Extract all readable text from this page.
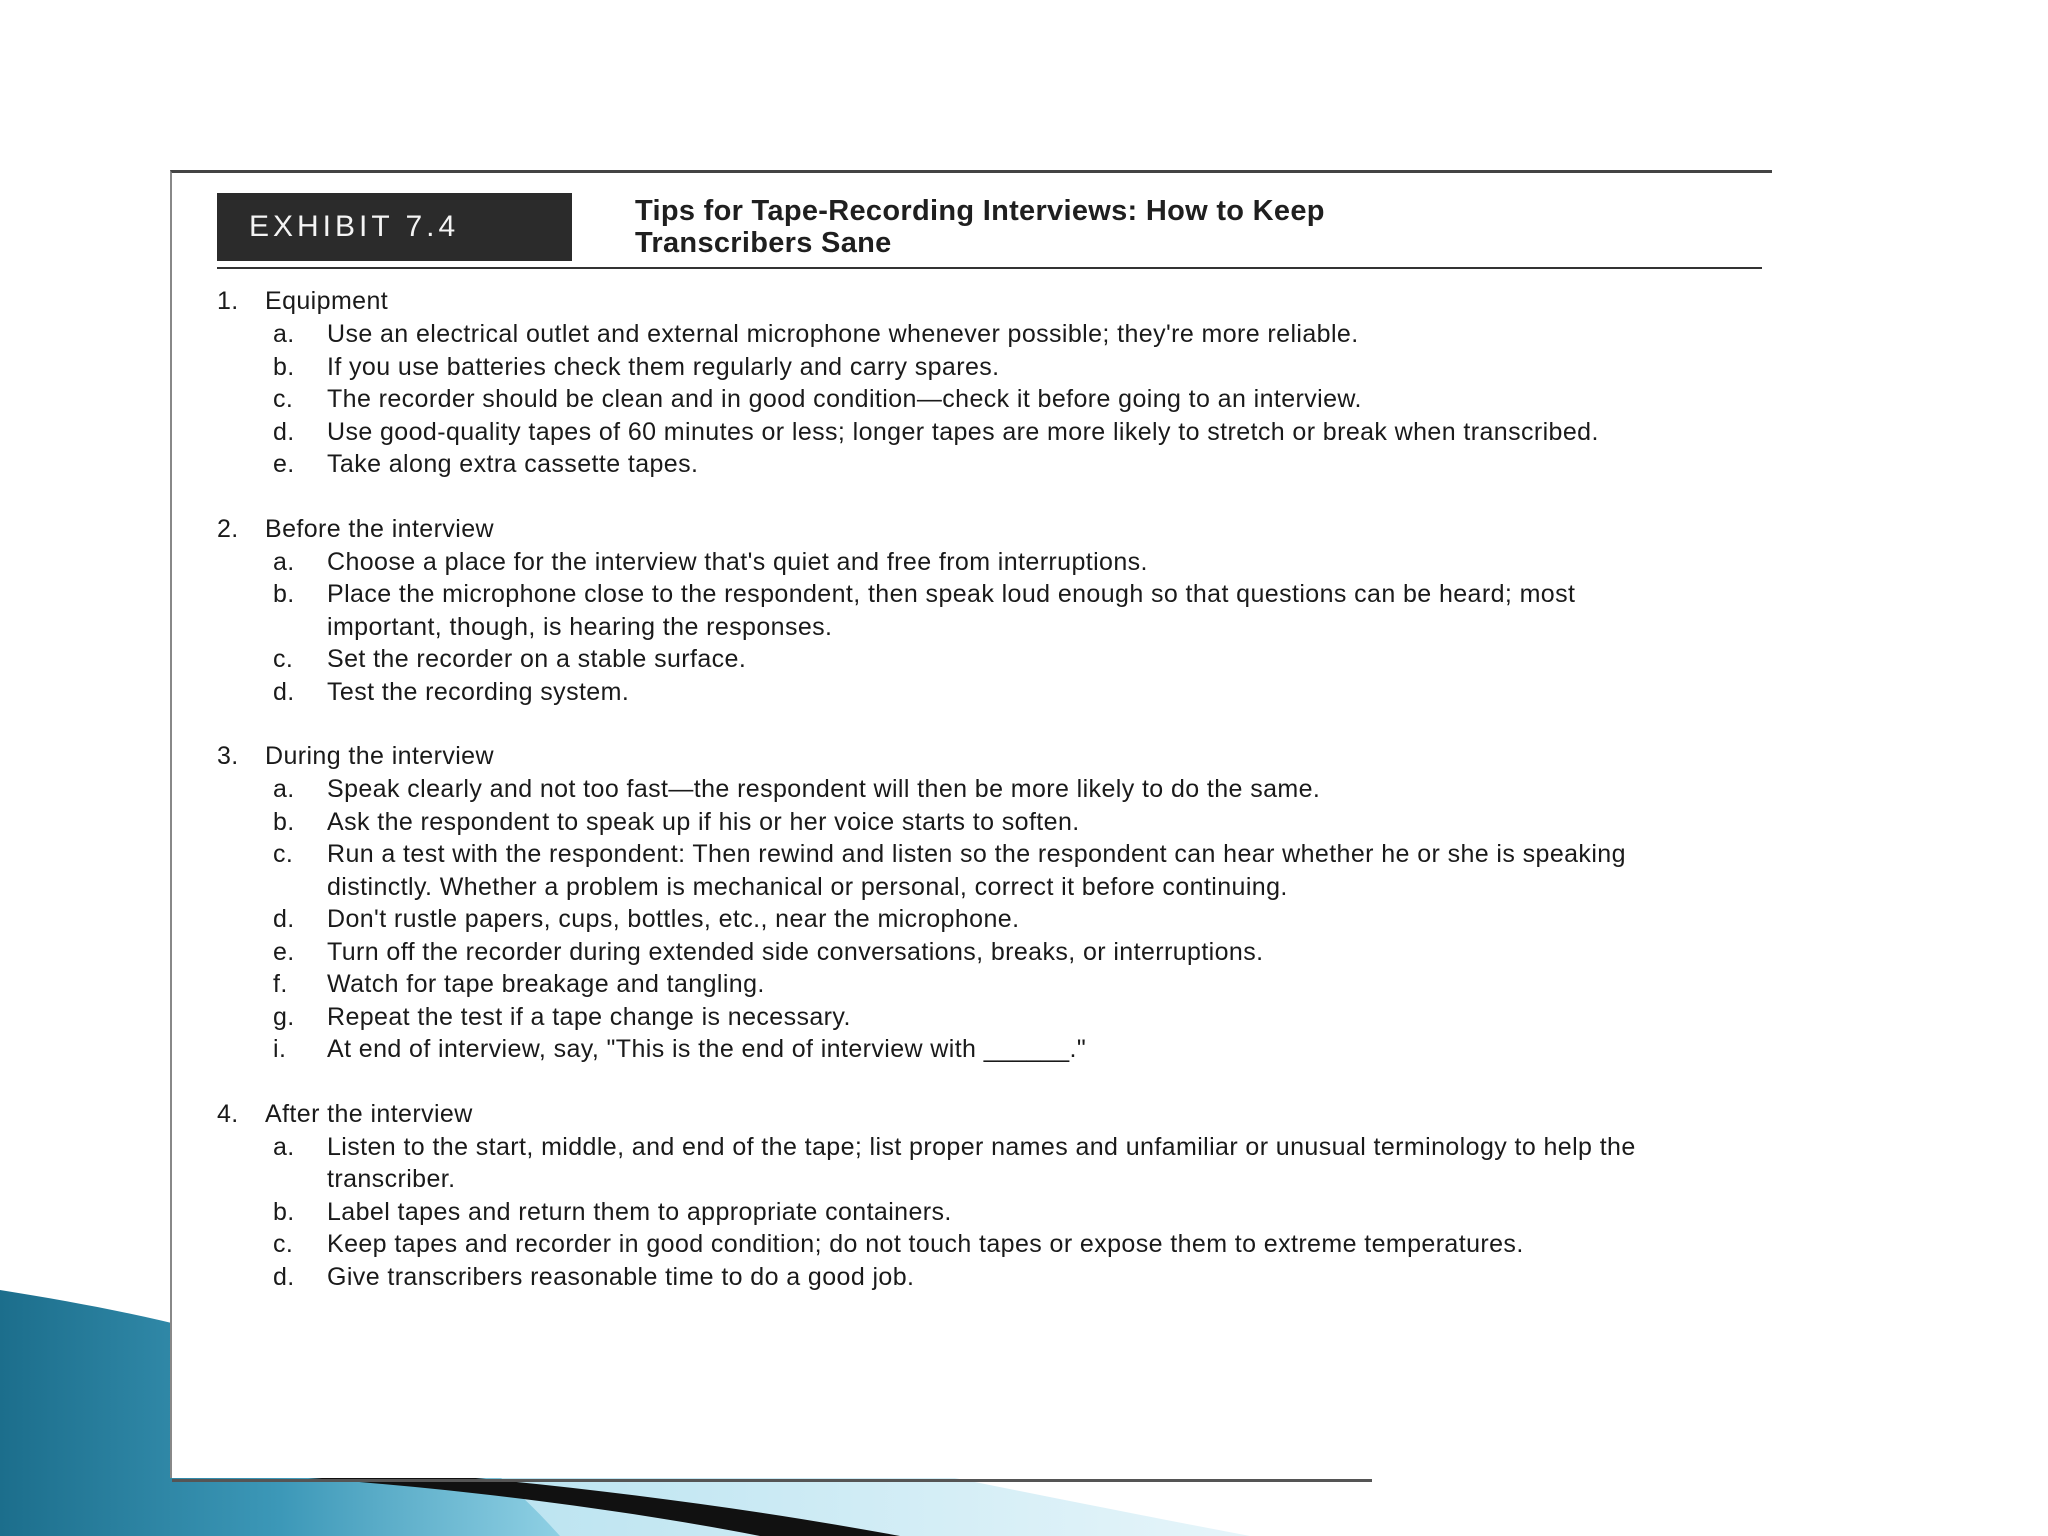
EXHIBIT 7.4	Tips for Tape-Recording Interviews: How to Keep
Transcribers Sane
1.	Equipment
a.	Use an electrical outlet and external microphone whenever possible; they're more reliable.
b.	If you use batteries check them regularly and carry spares.
c.	The recorder should be clean and in good condition—check it before going to an interview.
d.	Use good-quality tapes of 60 minutes or less; longer tapes are more likely to stretch or break when transcribed.
e.	Take along extra cassette tapes.
2.	Before the interview
a.	Choose a place for the interview that's quiet and free from interruptions.
b.	Place the microphone close to the respondent, then speak loud enough so that questions can be heard; most important, though, is hearing the responses.
c.	Set the recorder on a stable surface.
d.	Test the recording system.
3.	During the interview
a.	Speak clearly and not too fast—the respondent will then be more likely to do the same.
b.	Ask the respondent to speak up if his or her voice starts to soften.
c.	Run a test with the respondent: Then rewind and listen so the respondent can hear whether he or she is speaking distinctly. Whether a problem is mechanical or personal, correct it before continuing.
d.	Don't rustle papers, cups, bottles, etc., near the microphone.
e.	Turn off the recorder during extended side conversations, breaks, or interruptions.
f.	Watch for tape breakage and tangling.
g.	Repeat the test if a tape change is necessary.
i.	At end of interview, say, "This is the end of interview with ______."
4.	After the interview
a.	Listen to the start, middle, and end of the tape; list proper names and unfamiliar or unusual terminology to help the transcriber.
b.	Label tapes and return them to appropriate containers.
c.	Keep tapes and recorder in good condition; do not touch tapes or expose them to extreme temperatures.
d.	Give transcribers reasonable time to do a good job.
